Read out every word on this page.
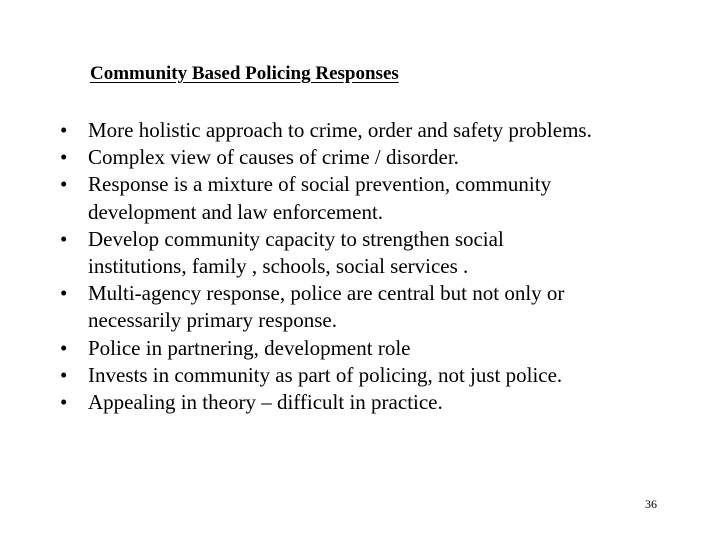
Community Based Policing Responses
• More holistic approach to crime, order and safety problems.
• Complex view of causes of crime / disorder.
• Response is a mixture of social prevention, community
development and law enforcement.
• Develop community capacity to strengthen social
institutions, family , schools, social services .
• Multi-agency response, police are central but not only or
necessarily primary response.
• Police in partnering, development role
• Invests in community as part of policing, not just police.
• Appealing in theory – difficult in practice.
36
